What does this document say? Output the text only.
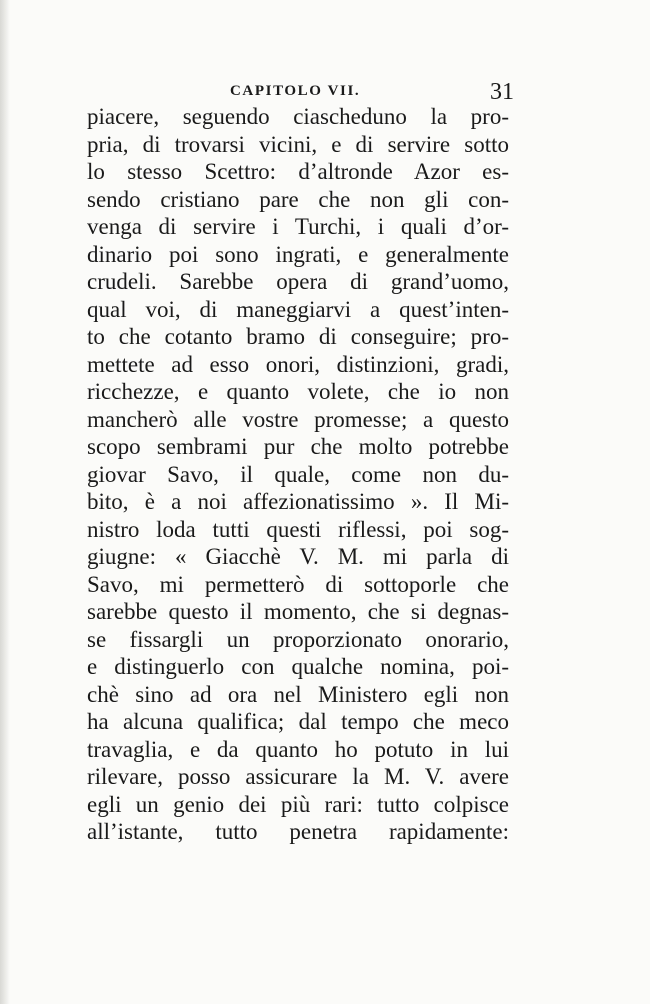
CAPITOLO VII.	31
piacere, seguendo ciascheduno la pro-
pria, di trovarsi vicini, e di servire sotto
lo stesso Scettro: d’altronde Azor es-
sendo cristiano pare che non gli con-
venga di servire i Turchi, i quali d’or-
dinario poi sono ingrati, e generalmente
crudeli. Sarebbe opera di grand’uomo,
qual voi, di maneggiarvi a quest’inten-
to che cotanto bramo di conseguire; pro-
mettete ad esso onori, distinzioni, gradi,
ricchezze, e quanto volete, che io non
mancherò alle vostre promesse; a questo
scopo sembrami pur che molto potrebbe
giovar Savo, il quale, come non du-
bito, è a noi affezionatissimo ». Il Mi-
nistro loda tutti questi riflessi, poi sog-
giugne: « Giacchè V. M. mi parla di
Savo, mi permetterò di sottoporle che
sarebbe questo il momento, che si degnas-
se fissargli un proporzionato onorario,
e distinguerlo con qualche nomina, poi-
chè sino ad ora nel Ministero egli non
ha alcuna qualifica; dal tempo che meco
travaglia, e da quanto ho potuto in lui
rilevare, posso assicurare la M. V. avere
egli un genio dei più rari: tutto colpisce
all’istante, tutto penetra rapidamente:
